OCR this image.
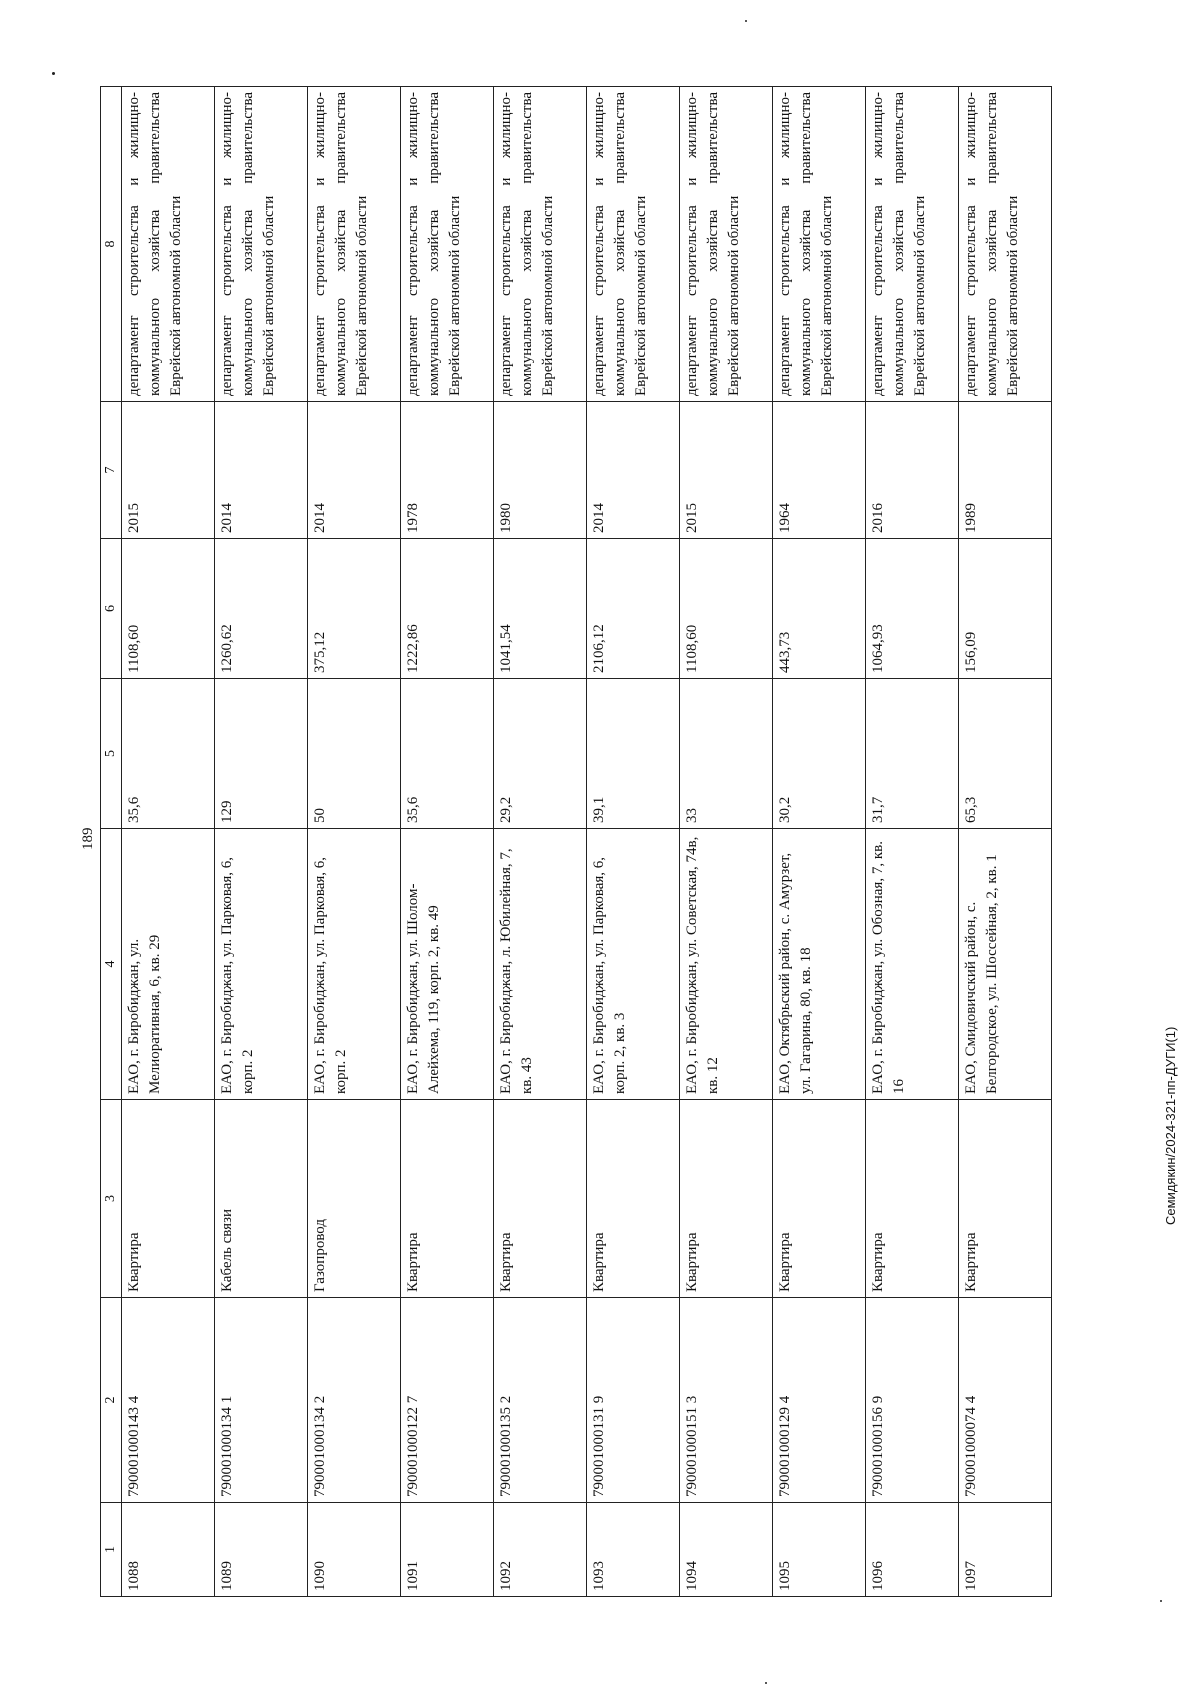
189
Семидякин/2024-321-пп-ДУГИ(1)
1	2	3	4	5	6	7	8
1088	790001000143 4	Квартира	ЕАО, г. Биробиджан, ул. Мелиоративная, 6, кв. 29	35,6	1108,60	2015	департамент строительства и жилищно-коммунального хозяйства правительства Еврейской автономной области
1089	790001000134 1	Кабель связи	ЕАО, г. Биробиджан, ул. Парковая, 6, корп. 2	129	1260,62	2014	департамент строительства и жилищно-коммунального хозяйства правительства Еврейской автономной области
1090	790001000134 2	Газопровод	ЕАО, г. Биробиджан, ул. Парковая, 6, корп. 2	50	375,12	2014	департамент строительства и жилищно-коммунального хозяйства правительства Еврейской автономной области
1091	790001000122 7	Квартира	ЕАО, г. Биробиджан, ул. Шолом-Алейхема, 119, корп. 2, кв. 49	35,6	1222,86	1978	департамент строительства и жилищно-коммунального хозяйства правительства Еврейской автономной области
1092	790001000135 2	Квартира	ЕАО, г. Биробиджан, л. Юбилейная, 7, кв. 43	29,2	1041,54	1980	департамент строительства и жилищно-коммунального хозяйства правительства Еврейской автономной области
1093	790001000131 9	Квартира	ЕАО, г. Биробиджан, ул. Парковая, 6, корп. 2, кв. 3	39,1	2106,12	2014	департамент строительства и жилищно-коммунального хозяйства правительства Еврейской автономной области
1094	790001000151 3	Квартира	ЕАО, г. Биробиджан, ул. Советская, 74в, кв. 12	33	1108,60	2015	департамент строительства и жилищно-коммунального хозяйства правительства Еврейской автономной области
1095	790001000129 4	Квартира	ЕАО, Октябрьский район, с. Амурзет, ул. Гагарина, 80, кв. 18	30,2	443,73	1964	департамент строительства и жилищно-коммунального хозяйства правительства Еврейской автономной области
1096	790001000156 9	Квартира	ЕАО, г. Биробиджан, ул. Обозная, 7, кв. 16	31,7	1064,93	2016	департамент строительства и жилищно-коммунального хозяйства правительства Еврейской автономной области
1097	790001000074 4	Квартира	ЕАО, Смидовичский район, с. Белгородское, ул. Шоссейная, 2, кв. 1	65,3	156,09	1989	департамент строительства и жилищно-коммунального хозяйства правительства Еврейской автономной области
